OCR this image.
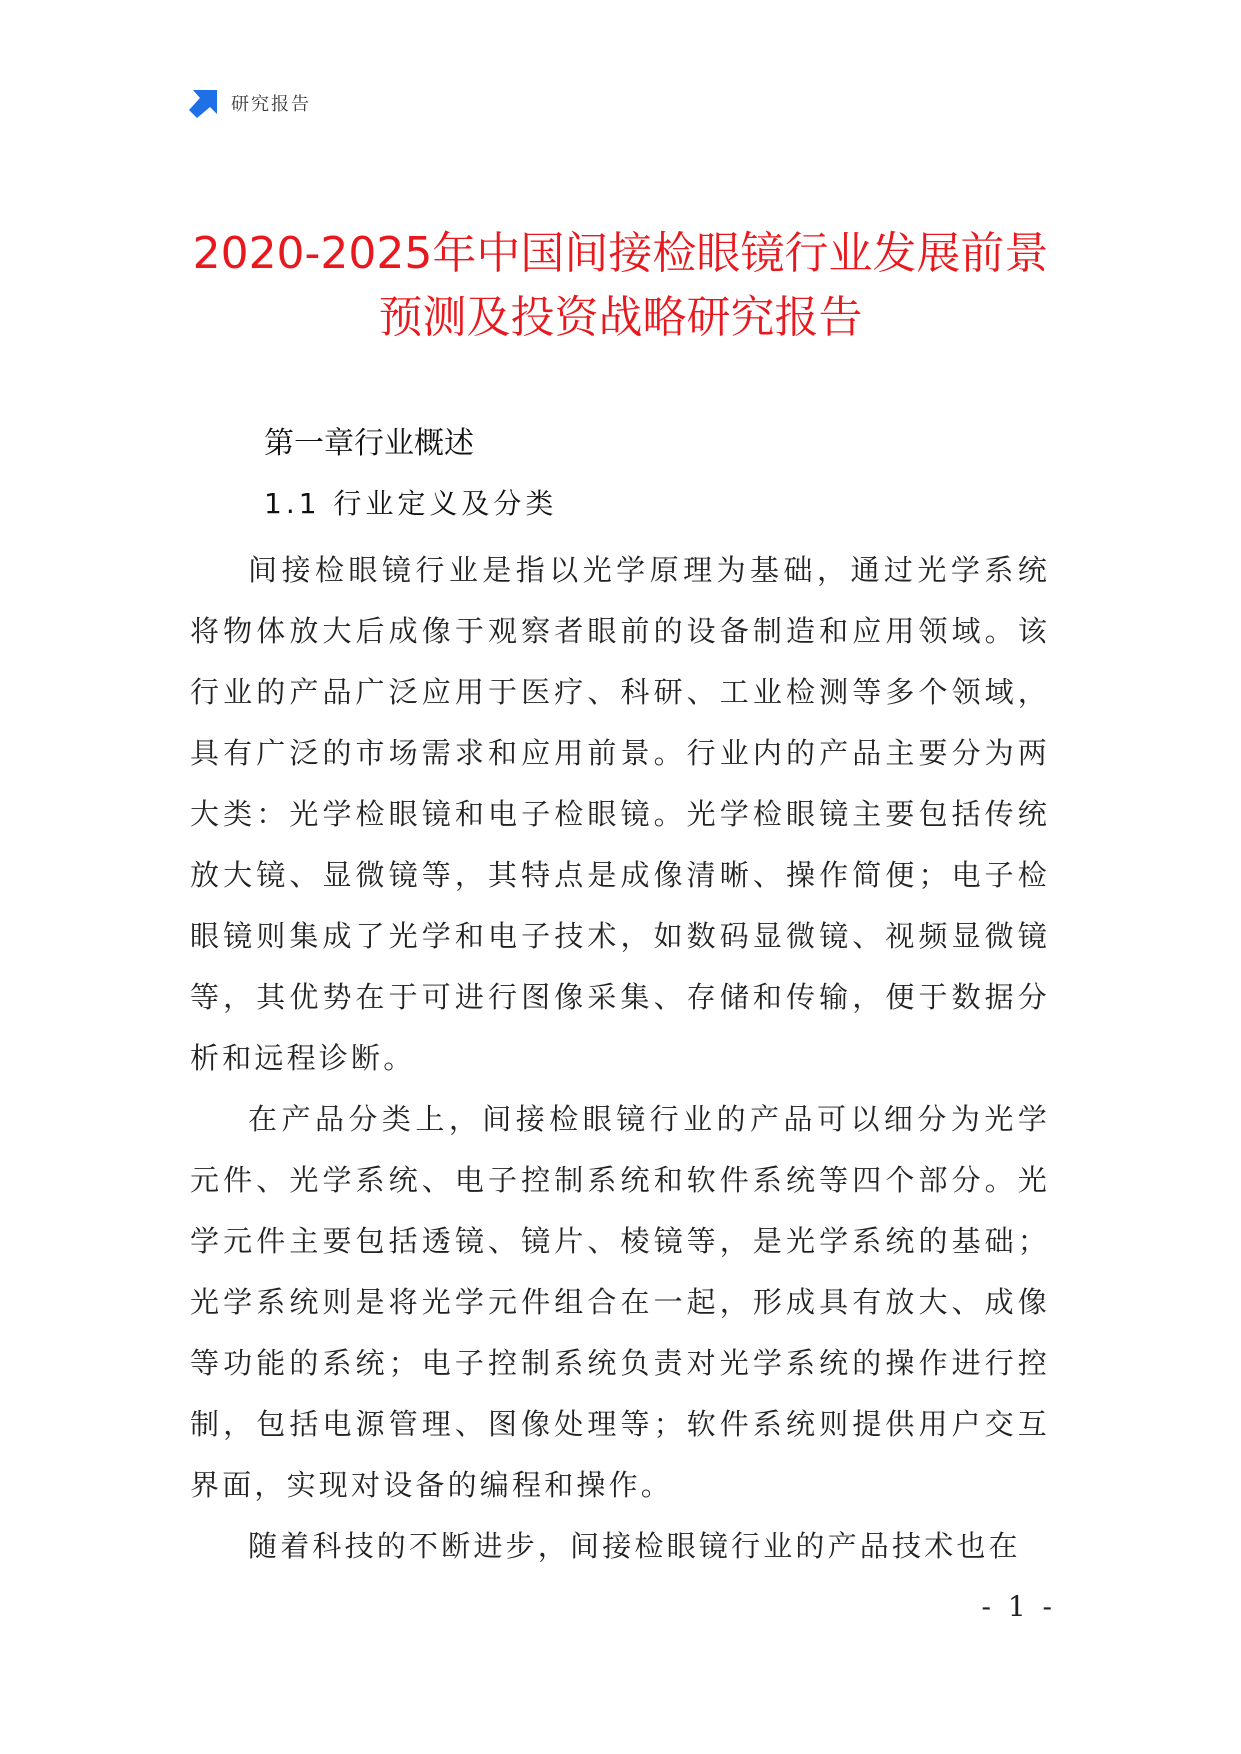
研究报告
2020-2025年中国间接检眼镜行业发展前景
预测及投资战略研究报告
第一章行业概述
1.1 行业定义及分类

间接检眼镜行业是指以光学原理为基础，通过光学系统将物体放大后成像于观察者眼前的设备制造和应用领域。该行业的产品广泛应用于医疗、科研、工业检测等多个领域，具有广泛的市场需求和应用前景。行业内的产品主要分为两大类：光学检眼镜和电子检眼镜。光学检眼镜主要包括传统放大镜、显微镜等，其特点是成像清晰、操作简便；电子检眼镜则集成了光学和电子技术，如数码显微镜、视频显微镜等，其优势在于可进行图像采集、存储和传输，便于数据分析和远程诊断。

在产品分类上，间接检眼镜行业的产品可以细分为光学元件、光学系统、电子控制系统和软件系统等四个部分。光学元件主要包括透镜、镜片、棱镜等，是光学系统的基础；光学系统则是将光学元件组合在一起，形成具有放大、成像等功能的系统；电子控制系统负责对光学系统的操作进行控制，包括电源管理、图像处理等；软件系统则提供用户交互界面，实现对设备的编程和操作。

随着科技的不断进步，间接检眼镜行业的产品技术也在

- 1 -
